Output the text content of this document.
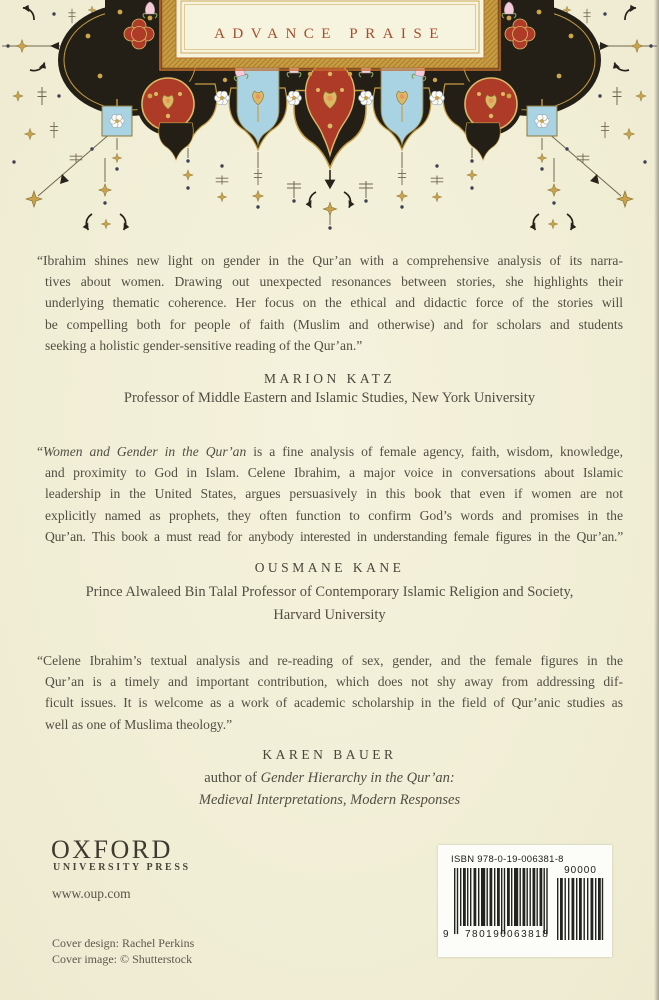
ADVANCE PRAISE
“Ibrahim shines new light on gender in the Qur’an with a comprehensive analysis of its narra-
tives about women. Drawing out unexpected resonances between stories, she highlights their
underlying thematic coherence. Her focus on the ethical and didactic force of the stories will
be compelling both for people of faith (Muslim and otherwise) and for scholars and students
seeking a holistic gender-sensitive reading of the Qur’an.”
MARION KATZ
Professor of Middle Eastern and Islamic Studies, New York University
“Women and Gender in the Qur’an is a fine analysis of female agency, faith, wisdom, knowledge,
and proximity to God in Islam. Celene Ibrahim, a major voice in conversations about Islamic
leadership in the United States, argues persuasively in this book that even if women are not
explicitly named as prophets, they often function to confirm God’s words and promises in the
Qur’an. This book a must read for anybody interested in understanding female figures in the Qur’an.”
OUSMANE KANE
Prince Alwaleed Bin Talal Professor of Contemporary Islamic Religion and Society,
Harvard University
“Celene Ibrahim’s textual analysis and re-reading of sex, gender, and the female figures in the
Qur’an is a timely and important contribution, which does not shy away from addressing dif-
ficult issues. It is welcome as a work of academic scholarship in the field of Qur’anic studies as
well as one of Muslima theology.”
KAREN BAUER
author of Gender Hierarchy in the Qur’an:
Medieval Interpretations, Modern Responses
OXFORD
UNIVERSITY PRESS
www.oup.com
Cover design: Rachel Perkins
Cover image: © Shutterstock
ISBN 978-0-19-006381-8
9 780190 063818
90000
